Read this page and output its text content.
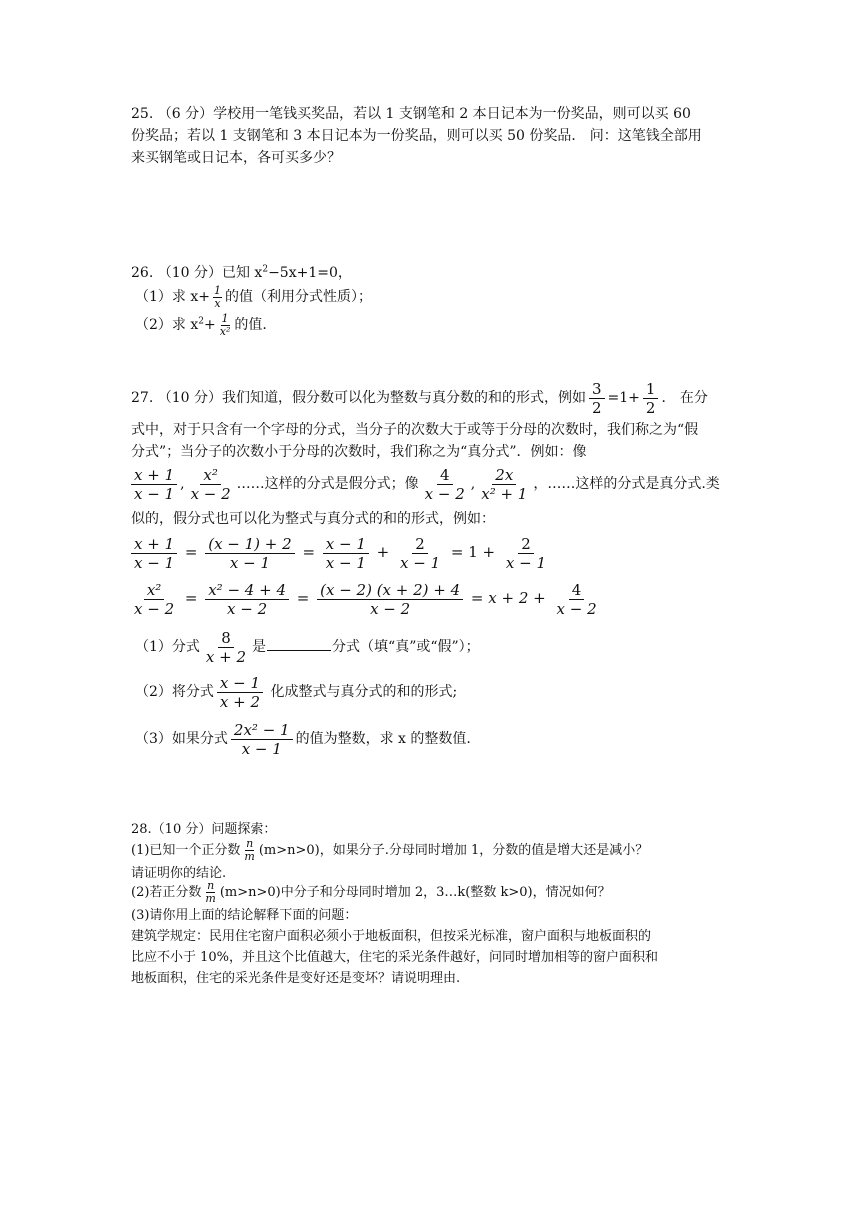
25. （6 分）学校用一笔钱买奖品，若以 1 支钢笔和 2 本日记本为一份奖品，则可以买 60
份奖品；若以 1 支钢笔和 3 本日记本为一份奖品，则可以买 50 份奖品． 问：这笔钱全部用
来买钢笔或日记本，各可买多少？
26. （10 分）已知 $x^2-5x+1=0$，
（1）求 $x+ \frac{1}{x}$ 的值（利用分式性质）；
（2）求 $x^2+ \frac{1}{\text{x²}}$ 的值.
27. （10 分）我们知道，假分数可以化为整数与真分数的和的形式，例如 $\frac{3}{2} =1+ \frac{1}{2}$ ． 在分
式中，对于只含有一个字母的分式，当分子的次数大于或等于分母的次数时，我们称之为“假
分式”；当分子的次数小于分母的次数时，我们称之为“真分式”．例如：像
$\frac{x + 1}{x - 1}$ , $\frac{\text{x²}}{x - 2}$ ……这样的分式是假分式；像 $\frac{4}{x - 2}$ , $\frac{2x}{\text{x² + 1}}$ ，……这样的分式是真分式.类
似的，假分式也可以化为整式与真分式的和的形式，例如：
$\frac{x + 1}{x - 1} = \frac{(x - 1) + 2}{x - 1} = \frac{x - 1}{x - 1} + \frac{2}{x - 1} = 1 + \frac{2}{x - 1}$
$\frac{\text{x²}}{x - 2} = \frac{\text{x² − 4 + 4}}{x - 2} = \frac{(x - 2) (x + 2) + 4}{x - 2} = x + 2 + \frac{4}{x - 2}$
（1）分式 $\frac{8}{x + 2}$ 是	分式（填“真”或“假”）；
（2）将分式 $\frac{x - 1}{x + 2}$ 化成整式与真分式的和的形式;
（3）如果分式 $\frac{\text{2x² − 1}}{x - 1}$ 的值为整数，求 x 的整数值.
28.（10 分）问题探索：
(1)已知一个正分数 $\frac{n}{m} (m>n>0)$，如果分子.分母同时增加 1，分数的值是增大还是减小？
请证明你的结论.
(2)若正分数 $\frac{n}{m} (m>n>0)$中分子和分母同时增加 2，3…k(整数 k>0)，情况如何？
(3)请你用上面的结论解释下面的问题：
建筑学规定：民用住宅窗户面积必须小于地板面积，但按采光标准，窗户面积与地板面积的
比应不小于 10%，并且这个比值越大，住宅的采光条件越好，问同时增加相等的窗户面积和
地板面积，住宅的采光条件是变好还是变坏？请说明理由.
